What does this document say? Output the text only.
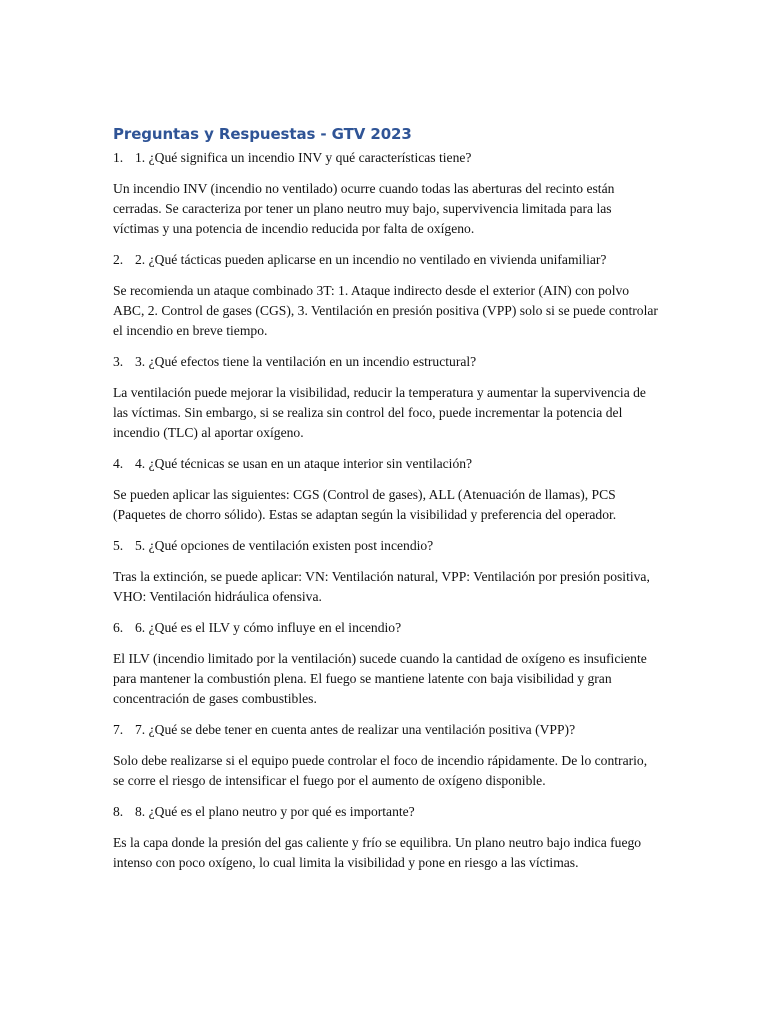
Preguntas y Respuestas - GTV 2023
1. 1. ¿Qué significa un incendio INV y qué características tiene?

Un incendio INV (incendio no ventilado) ocurre cuando todas las aberturas del recinto están cerradas. Se caracteriza por tener un plano neutro muy bajo, supervivencia limitada para las víctimas y una potencia de incendio reducida por falta de oxígeno.

2. 2. ¿Qué tácticas pueden aplicarse en un incendio no ventilado en vivienda unifamiliar?

Se recomienda un ataque combinado 3T: 1. Ataque indirecto desde el exterior (AIN) con polvo ABC, 2. Control de gases (CGS), 3. Ventilación en presión positiva (VPP) solo si se puede controlar el incendio en breve tiempo.

3. 3. ¿Qué efectos tiene la ventilación en un incendio estructural?

La ventilación puede mejorar la visibilidad, reducir la temperatura y aumentar la supervivencia de las víctimas. Sin embargo, si se realiza sin control del foco, puede incrementar la potencia del incendio (TLC) al aportar oxígeno.

4. 4. ¿Qué técnicas se usan en un ataque interior sin ventilación?

Se pueden aplicar las siguientes: CGS (Control de gases), ALL (Atenuación de llamas), PCS (Paquetes de chorro sólido). Estas se adaptan según la visibilidad y preferencia del operador.

5. 5. ¿Qué opciones de ventilación existen post incendio?

Tras la extinción, se puede aplicar: VN: Ventilación natural, VPP: Ventilación por presión positiva, VHO: Ventilación hidráulica ofensiva.

6. 6. ¿Qué es el ILV y cómo influye en el incendio?

El ILV (incendio limitado por la ventilación) sucede cuando la cantidad de oxígeno es insuficiente para mantener la combustión plena. El fuego se mantiene latente con baja visibilidad y gran concentración de gases combustibles.

7. 7. ¿Qué se debe tener en cuenta antes de realizar una ventilación positiva (VPP)?

Solo debe realizarse si el equipo puede controlar el foco de incendio rápidamente. De lo contrario, se corre el riesgo de intensificar el fuego por el aumento de oxígeno disponible.

8. 8. ¿Qué es el plano neutro y por qué es importante?

Es la capa donde la presión del gas caliente y frío se equilibra. Un plano neutro bajo indica fuego intenso con poco oxígeno, lo cual limita la visibilidad y pone en riesgo a las víctimas.
